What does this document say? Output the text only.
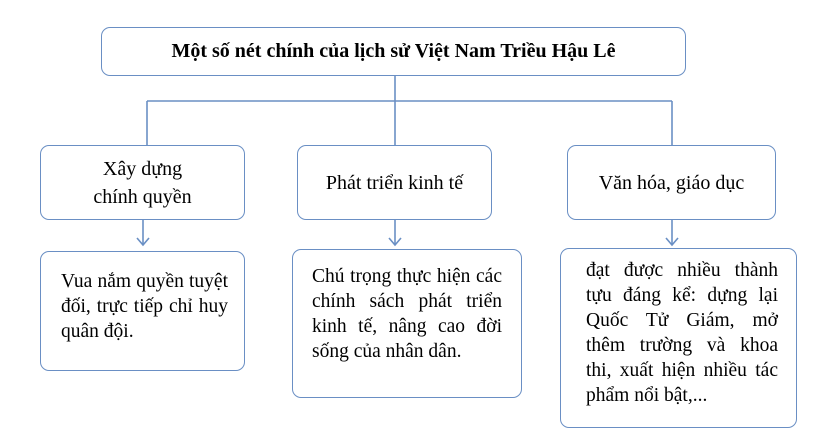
Một số nét chính của lịch sử Việt Nam Triều Hậu Lê
Xây dựng
chính quyền
Phát triển kinh tế	Văn hóa, giáo dục
Vua nắm quyền tuyệt đối, trực tiếp chỉ huy quân đội.
Chú trọng thực hiện các chính sách phát triển kinh tế, nâng cao đời sống của nhân dân.
đạt được nhiều thành tựu đáng kể: dựng lại Quốc Tử Giám, mở thêm trường và khoa thi, xuất hiện nhiều tác phẩm nổi bật,...
